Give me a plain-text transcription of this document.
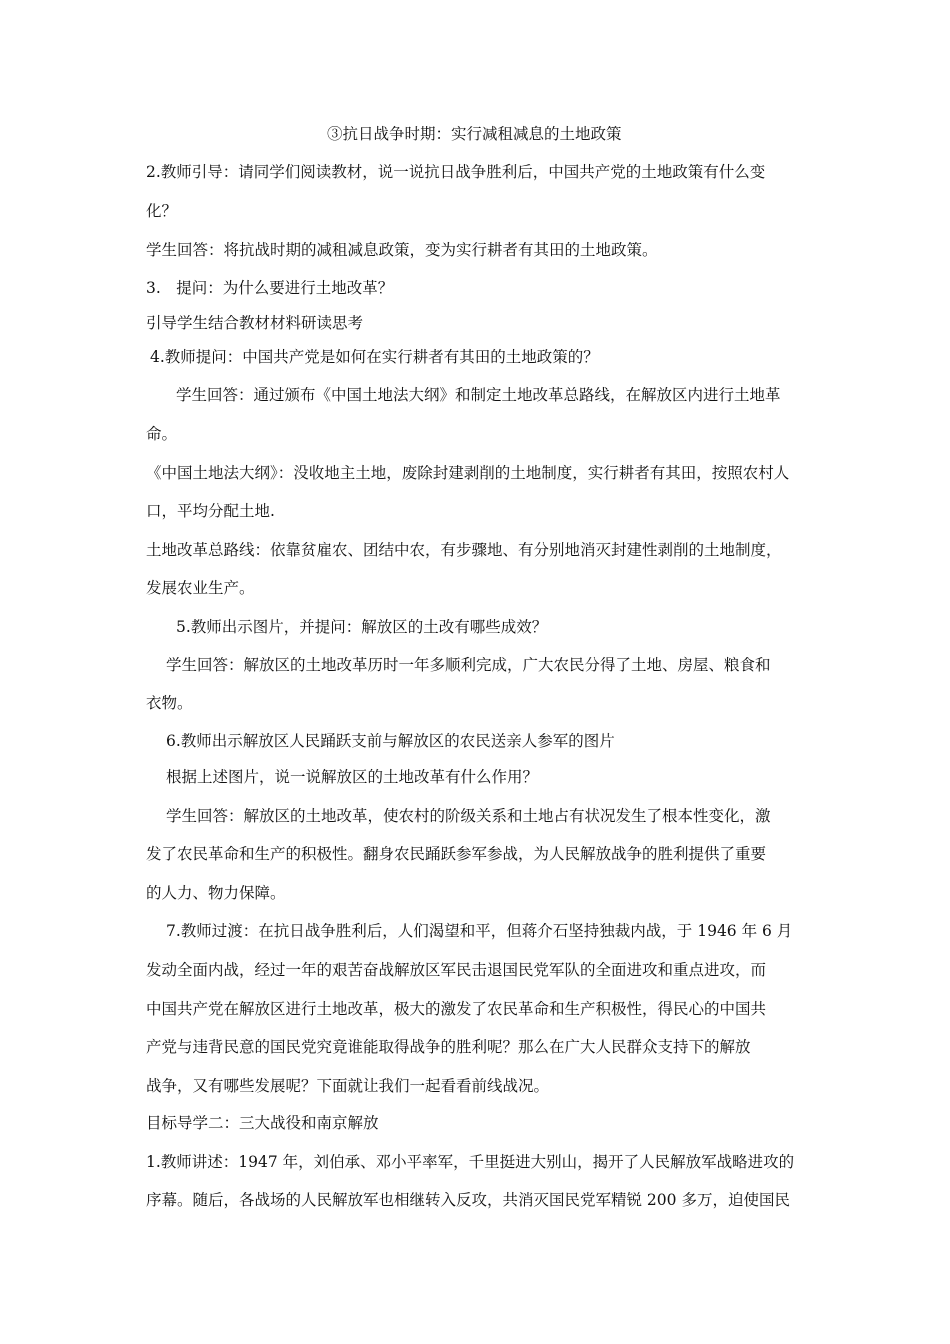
③抗日战争时期：实行减租减息的土地政策
2.教师引导：请同学们阅读教材，说一说抗日战争胜利后，中国共产党的土地政策有什么变
化？
学生回答：将抗战时期的减租减息政策，变为实行耕者有其田的土地政策。
3.　提问：为什么要进行土地改革？
引导学生结合教材材料研读思考
4.教师提问：中国共产党是如何在实行耕者有其田的土地政策的？
学生回答：通过颁布《中国土地法大纲》和制定土地改革总路线，在解放区内进行土地革
命。
《中国土地法大纲》：没收地主土地，废除封建剥削的土地制度，实行耕者有其田，按照农村人
口，平均分配土地.
土地改革总路线：依靠贫雇农、团结中农，有步骤地、有分别地消灭封建性剥削的土地制度，
发展农业生产。
5.教师出示图片，并提问：解放区的土改有哪些成效？
学生回答：解放区的土地改革历时一年多顺利完成，广大农民分得了土地、房屋、粮食和
衣物。
6.教师出示解放区人民踊跃支前与解放区的农民送亲人参军的图片
根据上述图片，说一说解放区的土地改革有什么作用？
学生回答：解放区的土地改革，使农村的阶级关系和土地占有状况发生了根本性变化，激
发了农民革命和生产的积极性。翻身农民踊跃参军参战，为人民解放战争的胜利提供了重要
的人力、物力保障。
7.教师过渡：在抗日战争胜利后，人们渴望和平，但蒋介石坚持独裁内战，于 1946 年 6 月
发动全面内战，经过一年的艰苦奋战解放区军民击退国民党军队的全面进攻和重点进攻，而
中国共产党在解放区进行土地改革，极大的激发了农民革命和生产积极性，得民心的中国共
产党与违背民意的国民党究竟谁能取得战争的胜利呢？那么在广大人民群众支持下的解放
战争，又有哪些发展呢？下面就让我们一起看看前线战况。
目标导学二：三大战役和南京解放
1.教师讲述：1947 年，刘伯承、邓小平率军，千里挺进大别山，揭开了人民解放军战略进攻的
序幕。随后，各战场的人民解放军也相继转入反攻，共消灭国民党军精锐 200 多万，迫使国民
